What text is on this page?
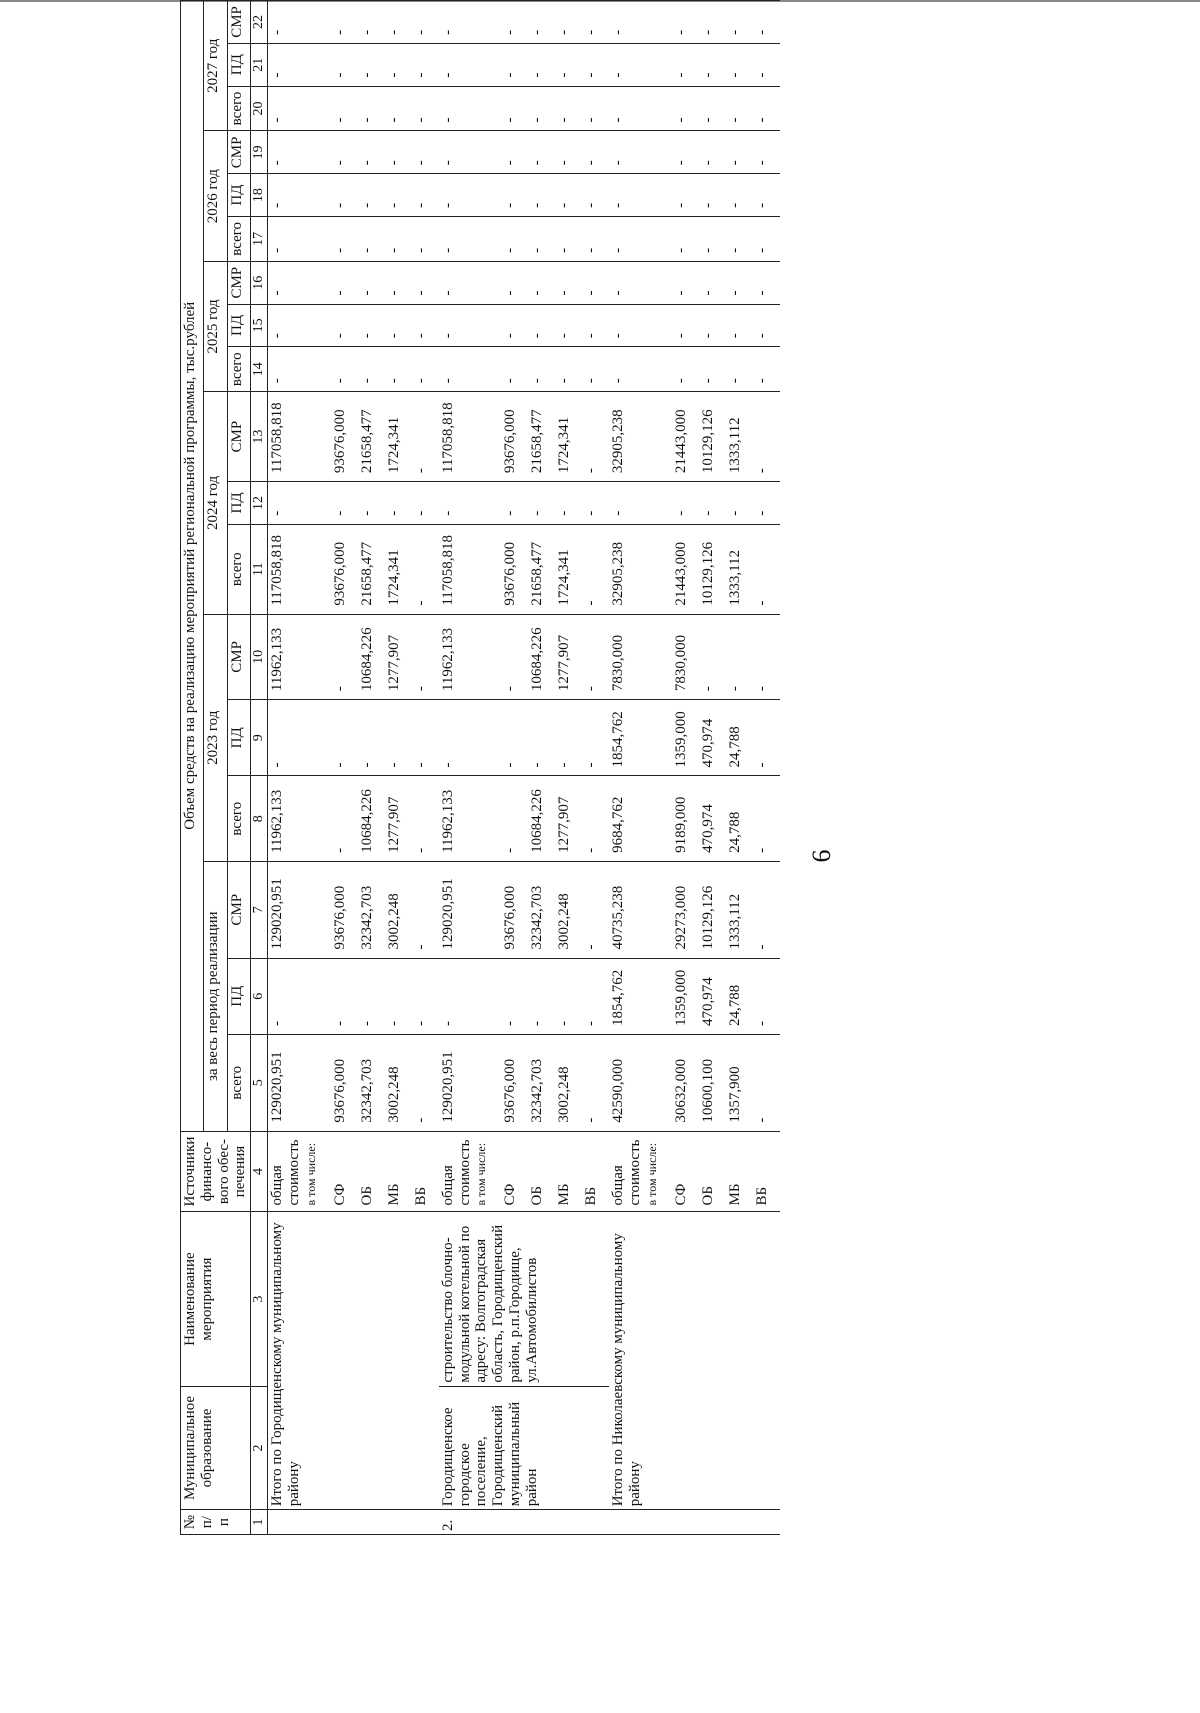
6
№ п/п	Муниципальное образование	Наименование мероприятия	Источники финансо-вого обес-печения	Объем средств на реализацию мероприятий региональной программы, тыс.рублей																	
				за весь период реализации			2023 год			2024 год			2025 год			2026 год			2027 год		
				всего	ПД	СМР	всего	ПД	СМР	всего	ПД	СМР	всего	ПД	СМР	всего	ПД	СМР	всего	ПД	СМР
1	2	3	4	5	6	7	8	9	10	11	12	13	14	15	16	17	18	19	20	21	22
	Итого по Городищенскому муниципальному району		общая стоимость	129020,951	-	129020,951	11962,133	-	11962,133	117058,818	-	117058,818	-	-	-	-	-	-	-	-	-
			в том числе:																		
			СФ	93676,000	-	93676,000	-	-	-	93676,000	-	93676,000	-	-	-	-	-	-	-	-	-
			ОБ	32342,703	-	32342,703	10684,226	-	10684,226	21658,477	-	21658,477	-	-	-	-	-	-	-	-	-
			МБ	3002,248	-	3002,248	1277,907	-	1277,907	1724,341	-	1724,341	-	-	-	-	-	-	-	-	-
			ВБ	-	-	-	-	-	-	-	-	-	-	-	-	-	-	-	-	-	-
2.	Городищенское городское поселение, Городищенский муниципальный район	строительство блочно-модульной котельной по адресу: Волгоградская область, Городищенский район, р.п.Городище, ул.Автомобилистов	общая стоимость	129020,951	-	129020,951	11962,133	-	11962,133	117058,818	-	117058,818	-	-	-	-	-	-	-	-	-
			в том числе:																		
			СФ	93676,000	-	93676,000	-	-	-	93676,000	-	93676,000	-	-	-	-	-	-	-	-	-
			ОБ	32342,703	-	32342,703	10684,226	-	10684,226	21658,477	-	21658,477	-	-	-	-	-	-	-	-	-
			МБ	3002,248	-	3002,248	1277,907	-	1277,907	1724,341	-	1724,341	-	-	-	-	-	-	-	-	-
			ВБ	-	-	-	-	-	-	-	-	-	-	-	-	-	-	-	-	-	-
	Итого по Николаевскому муниципальному району		общая стоимость	42590,000	1854,762	40735,238	9684,762	1854,762	7830,000	32905,238	-	32905,238	-	-	-	-	-	-	-	-	-
			в том числе:																		
			СФ	30632,000	1359,000	29273,000	9189,000	1359,000	7830,000	21443,000	-	21443,000	-	-	-	-	-	-	-	-	-
			ОБ	10600,100	470,974	10129,126	470,974	470,974	-	10129,126	-	10129,126	-	-	-	-	-	-	-	-	-
			МБ	1357,900	24,788	1333,112	24,788	24,788	-	1333,112	-	1333,112	-	-	-	-	-	-	-	-	-
			ВБ	-	-	-	-	-	-	-	-	-	-	-	-	-	-	-	-	-	-
